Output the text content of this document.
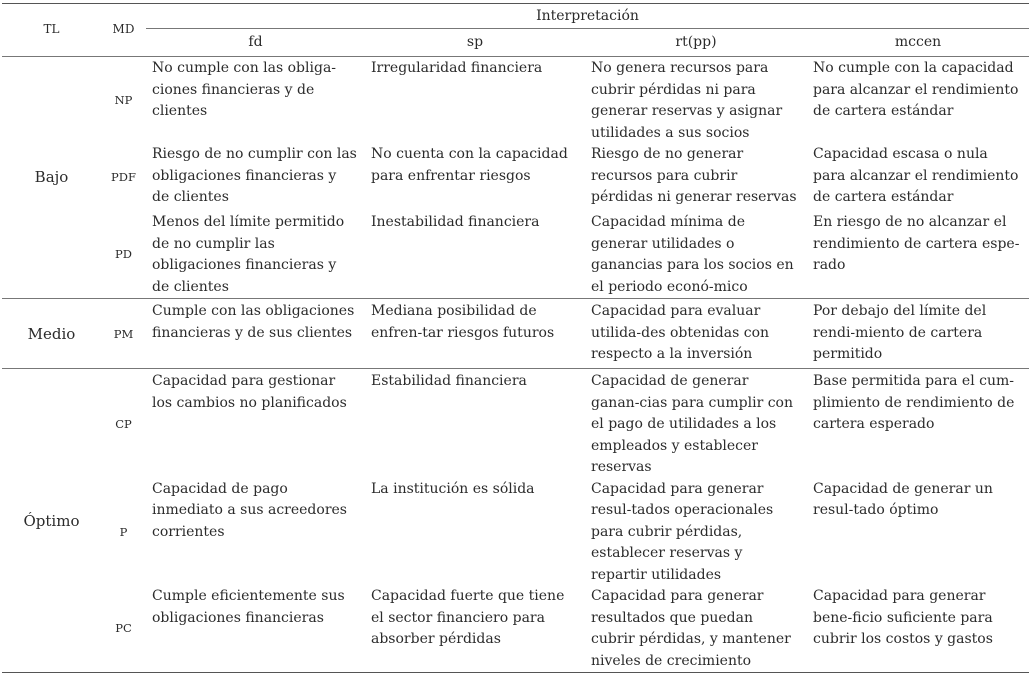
TL	MD	Interpretación			
		fd	sp	rt(pp)	mccen
Bajo	NP	No cumple con las obliga-ciones financieras y de clientes	Irregularidad financiera	No genera recursos para cubrir pérdidas ni para generar reservas y asignar utilidades a sus socios	No cumple con la capacidad para alcanzar el rendimiento de cartera estándar
	PDF	Riesgo de no cumplir con las obligaciones financieras y de clientes	No cuenta con la capacidad para enfrentar riesgos	Riesgo de no generar recursos para cubrir pérdidas ni generar reservas	Capacidad escasa o nula para alcanzar el rendimiento de cartera estándar
	PD	Menos del límite permitido de no cumplir las obligaciones financieras y de clientes	Inestabilidad financiera	Capacidad mínima de generar utilidades o ganancias para los socios en el periodo econó-mico	En riesgo de no alcanzar el rendimiento de cartera espe-rado
Medio	PM	Cumple con las obligaciones financieras y de sus clientes	Mediana posibilidad de enfren-tar riesgos futuros	Capacidad para evaluar utilida-des obtenidas con respecto a la inversión	Por debajo del límite del rendi-miento de cartera permitido
Óptimo	CP	Capacidad para gestionar los cambios no planificados	Estabilidad financiera	Capacidad de generar ganan-cias para cumplir con el pago de utilidades a los empleados y establecer reservas	Base permitida para el cum-plimiento de rendimiento de cartera esperado
	P	Capacidad de pago inmediato a sus acreedores corrientes	La institución es sólida	Capacidad para generar resul-tados operacionales para cubrir pérdidas, establecer reservas y repartir utilidades	Capacidad de generar un resul-tado óptimo
	PC	Cumple eficientemente sus obligaciones financieras	Capacidad fuerte que tiene el sector financiero para absorber pérdidas	Capacidad para generar resultados que puedan cubrir pérdidas, y mantener niveles de crecimiento	Capacidad para generar bene-ficio suficiente para cubrir los costos y gastos
